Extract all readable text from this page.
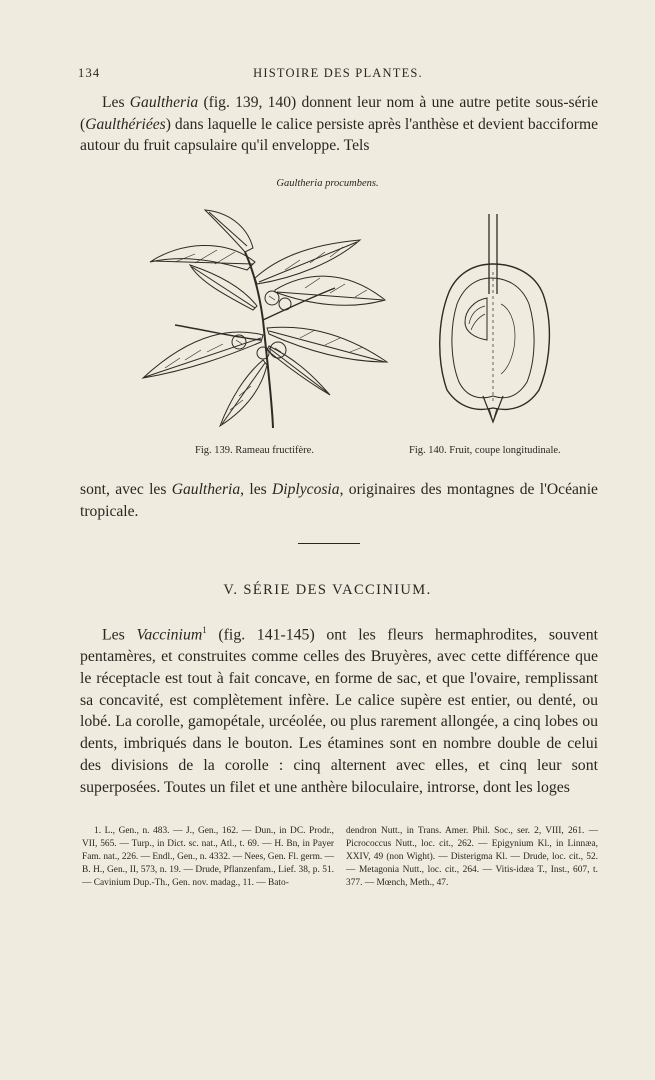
134	HISTOIRE DES PLANTES.

Les Gaultheria (fig. 139, 140) donnent leur nom à une autre petite sous-série (Gaulthériées) dans laquelle le calice persiste après l'anthèse et devient bacciforme autour du fruit capsulaire qu'il enveloppe. Tels

Gaultheria procumbens.
Fig. 139. Rameau fructifère.	Fig. 140. Fruit, coupe longitudinale.

sont, avec les Gaultheria, les Diplycosia, originaires des montagnes de l'Océanie tropicale.

V. SÉRIE DES VACCINIUM.

Les Vaccinium$^1$ (fig. 141-145) ont les fleurs hermaphrodites, souvent pentamères, et construites comme celles des Bruyères, avec cette différence que le réceptacle est tout à fait concave, en forme de sac, et que l'ovaire, remplissant sa concavité, est complètement infère. Le calice supère est entier, ou denté, ou lobé. La corolle, gamopétale, urcéolée, ou plus rarement allongée, a cinq lobes ou dents, imbriqués dans le bouton. Les étamines sont en nombre double de celui des divisions de la corolle : cinq alternent avec elles, et cinq leur sont superposées. Toutes un filet et une anthère biloculaire, introrse, dont les loges

1. L., Gen., n. 483. — J., Gen., 162. — Dun., in DC. Prodr., VII, 565. — Turp., in Dict. sc. nat., Atl., t. 69. — H. Bn, in Payer Fam. nat., 226. — Endl., Gen., n. 4332. — Nees, Gen. Fl. germ. — B. H., Gen., II, 573, n. 19. — Drude, Pflanzenfam., Lief. 38, p. 51. — Cavinium Dup.-Th., Gen. nov. madag., 11. — Bato-

dendron Nutt., in Trans. Amer. Phil. Soc., ser. 2, VIII, 261. — Picrococcus Nutt., loc. cit., 262. — Epigynium Kl., in Linnæa, XXIV, 49 (non Wight). — Disterigma Kl. — Drude, loc. cit., 52. — Metagonia Nutt., loc. cit., 264. — Vitis-idæa T., Inst., 607, t. 377. — Mœnch, Meth., 47.
